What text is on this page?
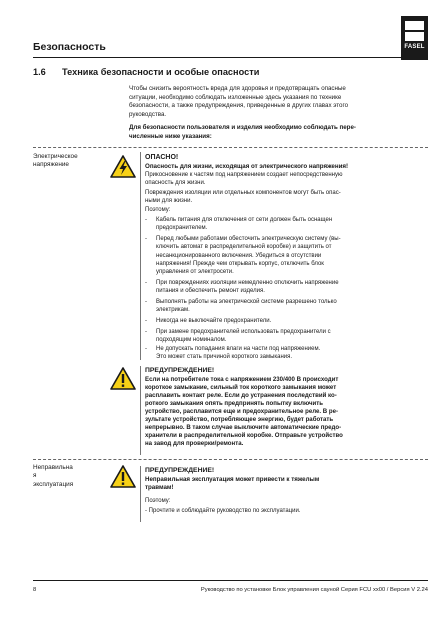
FASEL
Безопасность
1.6 Техника безопасности и особые опасности
Чтобы снизить вероятность вреда для здоровья и предотвращать опасные
ситуации, необходимо соблюдать изложенные здесь указания по технике
безопасности, а также предупреждения, приведенные в других главах этого
руководства.
Для безопасности пользователя и изделия необходимо соблюдать пере-
численные ниже указания:
Электрическое
напряжение
ОПАСНО!
Опасность для жизни, исходящая от электрического напряжения!
Прикосновение к частям под напряжением создает непосредственную
опасность для жизни.
Повреждения изоляции или отдельных компонентов могут быть опас-
ными для жизни.
Поэтому:
- Кабель питания для отключения от сети должен быть оснащен
предохранителем.
- Перед любыми работами обесточить электрическую систему (вы-
ключить автомат в распределительной коробке) и защитить от
несанкционированного включения. Убедиться в отсутствии
напряжения! Прежде чем открывать корпус, отключить блок
управления от электросети.
- При повреждениях изоляции немедленно отключить напряжение
питания и обеспечить ремонт изделия.
- Выполнять работы на электрической системе разрешено только
электрикам.
- Никогда не выключайте предохранители.
- При замене предохранителей использовать предохранители с
подходящим номиналом.
- Не допускать попадания влаги на части под напряжением.
Это может стать причиной короткого замыкания.
ПРЕДУПРЕЖДЕНИЕ!
Если на потребителе тока с напряжением 230/400 В происходит
короткое замыкание, сильный ток короткого замыкания может
расплавить контакт реле. Если до устранения последствий ко-
роткого замыкания опять предпринять попытку включить
устройство, расплавится еще и предохранительное реле. В ре-
зультате устройство, потребляющее энергию, будет работать
непрерывно. В таком случае выключите автоматические предо-
хранители в распределительной коробке. Отправьте устройство
на завод для проверки/ремонта.
Неправильна
я
эксплуатация
ПРЕДУПРЕЖДЕНИЕ!
Неправильная эксплуатация может привести к тяжелым
травмам!
Поэтому:
- Прочтите и соблюдайте руководство по эксплуатации.
8	Руководство по установке Блок управления сауной Серия FCU xx00 / Версия V 2.24
